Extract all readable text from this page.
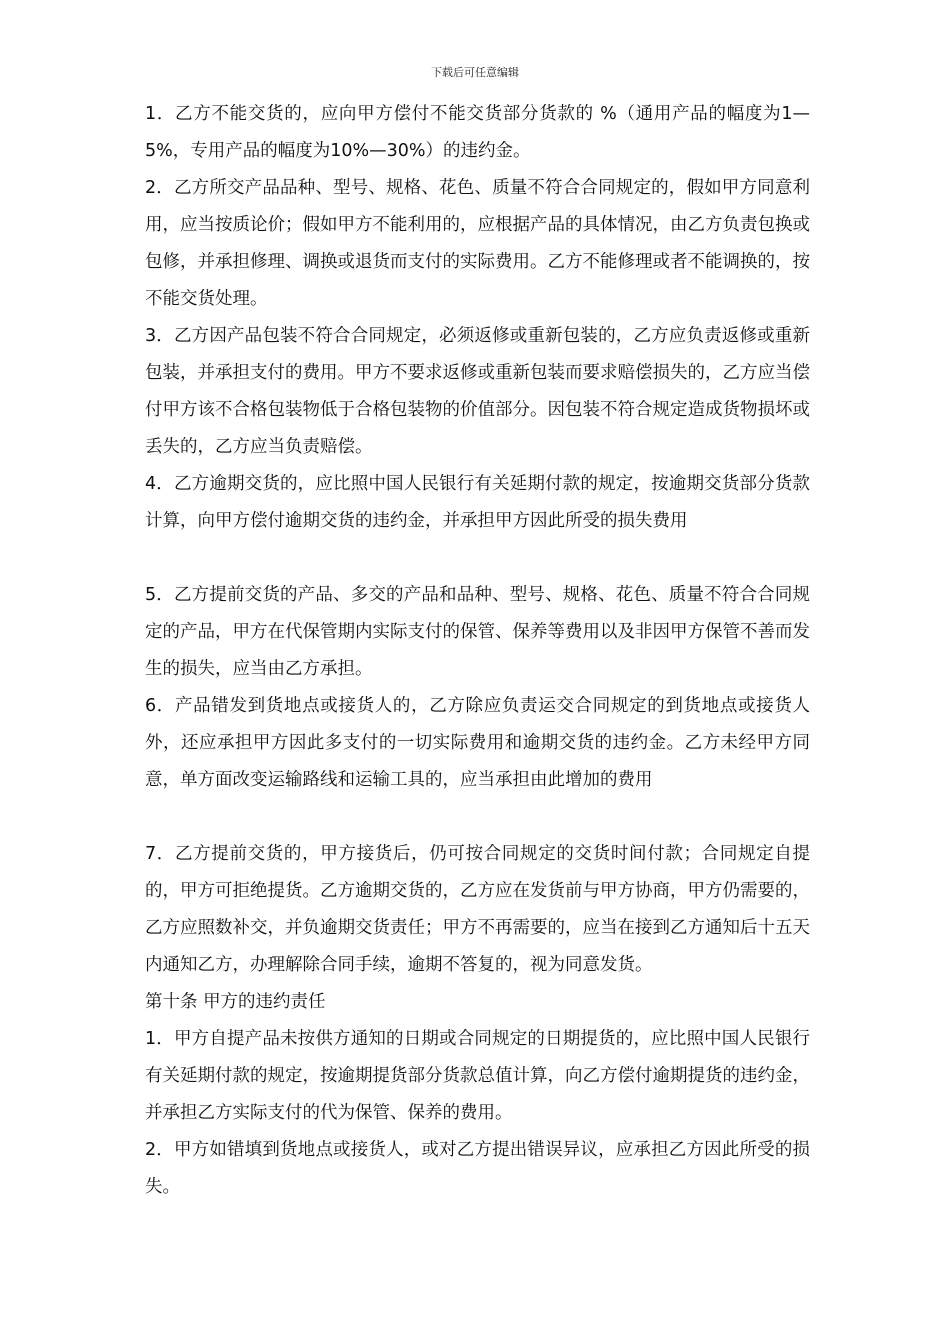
下载后可任意编辑

1．乙方不能交货的，应向甲方偿付不能交货部分货款的 %（通用产品的幅度为1—5%，专用产品的幅度为10%—30%）的违约金。

2．乙方所交产品品种、型号、规格、花色、质量不符合合同规定的，假如甲方同意利用，应当按质论价；假如甲方不能利用的，应根据产品的具体情况，由乙方负责包换或包修，并承担修理、调换或退货而支付的实际费用。乙方不能修理或者不能调换的，按不能交货处理。

3．乙方因产品包装不符合合同规定，必须返修或重新包装的，乙方应负责返修或重新包装，并承担支付的费用。甲方不要求返修或重新包装而要求赔偿损失的，乙方应当偿付甲方该不合格包装物低于合格包装物的价值部分。因包装不符合规定造成货物损坏或丢失的，乙方应当负责赔偿。

4．乙方逾期交货的，应比照中国人民银行有关延期付款的规定，按逾期交货部分货款计算，向甲方偿付逾期交货的违约金，并承担甲方因此所受的损失费用

5．乙方提前交货的产品、多交的产品和品种、型号、规格、花色、质量不符合合同规定的产品，甲方在代保管期内实际支付的保管、保养等费用以及非因甲方保管不善而发生的损失，应当由乙方承担。

6．产品错发到货地点或接货人的，乙方除应负责运交合同规定的到货地点或接货人外，还应承担甲方因此多支付的一切实际费用和逾期交货的违约金。乙方未经甲方同意，单方面改变运输路线和运输工具的，应当承担由此增加的费用

7．乙方提前交货的，甲方接货后，仍可按合同规定的交货时间付款；合同规定自提的，甲方可拒绝提货。乙方逾期交货的，乙方应在发货前与甲方协商，甲方仍需要的，乙方应照数补交，并负逾期交货责任；甲方不再需要的，应当在接到乙方通知后十五天内通知乙方，办理解除合同手续，逾期不答复的，视为同意发货。

第十条 甲方的违约责任

1．甲方自提产品未按供方通知的日期或合同规定的日期提货的，应比照中国人民银行有关延期付款的规定，按逾期提货部分货款总值计算，向乙方偿付逾期提货的违约金，并承担乙方实际支付的代为保管、保养的费用。

2．甲方如错填到货地点或接货人，或对乙方提出错误异议，应承担乙方因此所受的损失。
